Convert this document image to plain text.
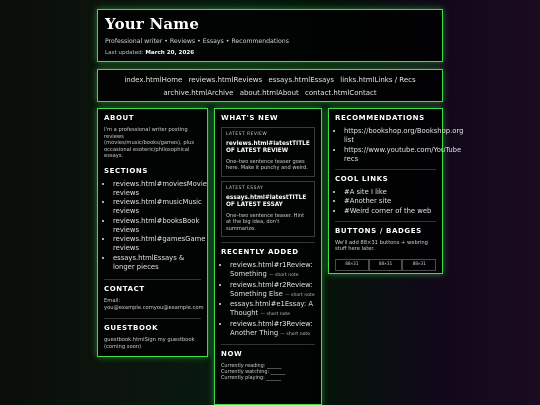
Your Name
Professional writer • Reviews • Essays • Recommendations
Last updated: March 20, 2026
index.htmlHome reviews.htmlReviews essays.htmlEssays links.htmlLinks / Recs
archive.htmlArchive about.htmlAbout contact.htmlContact
ABOUT

I'm a professional writer posting reviews (movies/music/books/games), plus occasional esoteric/philosophical essays.

SECTIONS
• reviews.html#moviesMovie reviews
• reviews.html#musicMusic reviews
• reviews.html#booksBook reviews
• reviews.html#gamesGame reviews
• essays.htmlEssays & longer pieces
CONTACT

Email: you@example.comyou@example.com

GUESTBOOK

guestbook.htmlSign my guestbook (coming soon)

WHAT'S NEW
LATEST REVIEW
reviews.html#latestTITLE OF LATEST REVIEW
One–two sentence teaser goes here. Make it punchy and weird.
LATEST ESSAY
essays.html#latestTITLE OF LATEST ESSAY
One–two sentence teaser. Hint at the big idea, don't summarize.
RECENTLY ADDED
• reviews.html#r1Review: Something — short note
• reviews.html#r2Review: Something Else — short note
• essays.html#e1Essay: A Thought — short note
• reviews.html#r3Review: Another Thing — short note
NOW
Currently reading: ______
Currently watching: ______
Currently playing: ______
RECOMMENDATIONS
• https://bookshop.org/Bookshop.org list
• https://www.youtube.com/YouTube recs
COOL LINKS
• #A site I like
• #Another site
• #Weird corner of the web
BUTTONS / BADGES

We'll add 88×31 buttons + webring stuff here later.

88×31	88×31	88×31
